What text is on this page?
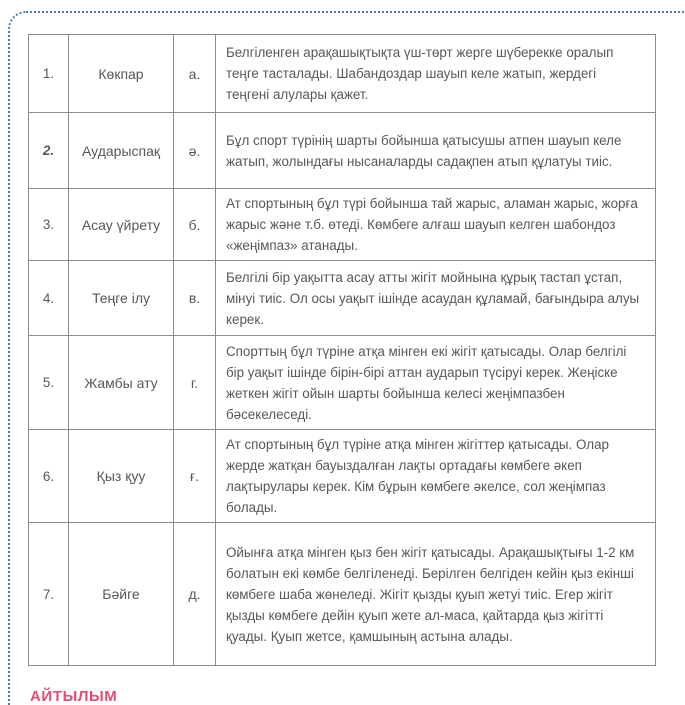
1.	Көкпар	а.	Белгіленген арақашықтықта үш-төрт жерге шүберекке оралып теңге тасталады. Шабандоздар шауып келе жатып, жердегі теңгені алулары қажет.
2.	Аударыспақ	ә.	Бұл спорт түрінің шарты бойынша қатысушы атпен шауып келе жатып, жолындағы нысаналарды садақпен атып құлатуы тиіс.
3.	Асау үйрету	б.	Ат спортының бұл түрі бойынша тай жарыс, аламан жарыс, жорға жарыс және т.б. өтеді. Көмбеге алғаш шауып келген шабондоз «жеңімпаз» атанады.
4.	Теңге ілу	в.	Белгілі бір уақытта асау атты жігіт мойнына құрық тастап ұстап, мінуі тиіс. Ол осы уақыт ішінде асаудан құламай, бағындыра алуы керек.
5.	Жамбы ату	г.	Спорттың бұл түріне атқа мінген екі жігіт қатысады. Олар белгілі бір уақыт ішінде бірін-бірі аттан аударып түсіруі керек. Жеңіске жеткен жігіт ойын шарты бойынша келесі жеңімпазбен бәсекелеседі.
6.	Қыз қуу	ғ.	Ат спортының бұл түріне атқа мінген жігіттер қатысады. Олар жерде жатқан бауыздалған лақты ортадағы көмбеге әкеп лақтырулары керек. Кім бұрын көмбеге әкелсе, сол жеңімпаз болады.
7.	Бәйге	д.	Ойынға атқа мінген қыз бен жігіт қатысады. Арақашықтығы 1-2 км болатын екі көмбе белгіленеді. Берілген белгіден кейін қыз екінші көмбеге шаба жөнеледі. Жігіт қызды қуып жетуі тиіс. Егер жігіт қызды көмбеге дейін қуып жете ал-маса, қайтарда қыз жігітті қуады. Қуып жетсе, қамшының астына алады.
АЙТЫЛЫМ
